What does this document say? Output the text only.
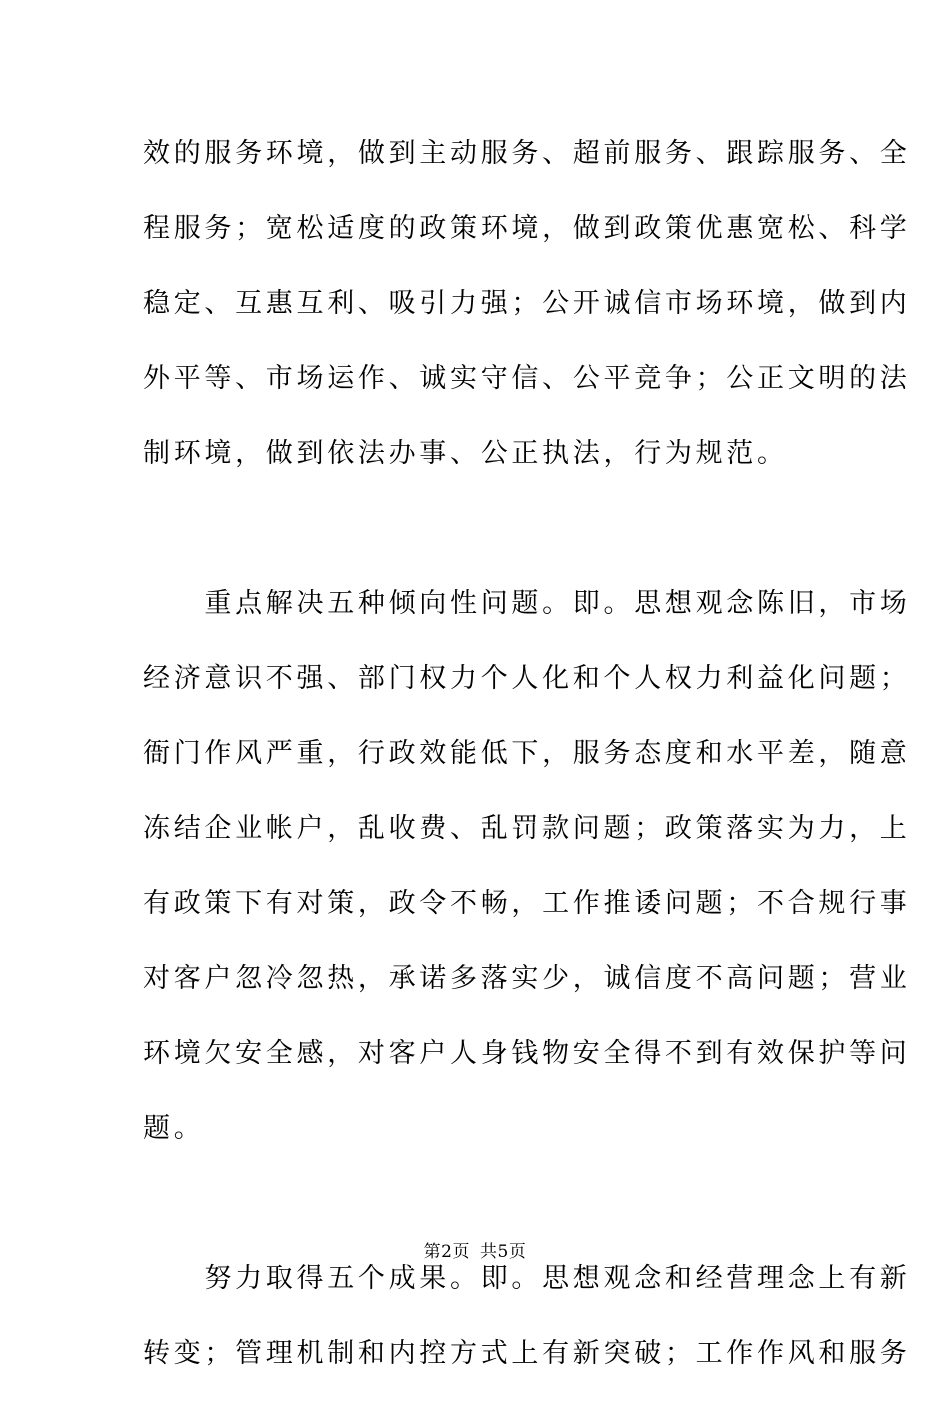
效的服务环境，做到主动服务、超前服务、跟踪服务、全
程服务；宽松适度的政策环境，做到政策优惠宽松、科学
稳定、互惠互利、吸引力强；公开诚信市场环境，做到内
外平等、市场运作、诚实守信、公平竞争；公正文明的法
制环境，做到依法办事、公正执法，行为规范。
　　重点解决五种倾向性问题。即。思想观念陈旧，市场
经济意识不强、部门权力个人化和个人权力利益化问题；
衙门作风严重，行政效能低下，服务态度和水平差，随意
冻结企业帐户，乱收费、乱罚款问题；政策落实为力，上
有政策下有对策，政令不畅，工作推诿问题；不合规行事
对客户忽冷忽热，承诺多落实少，诚信度不高问题；营业
环境欠安全感，对客户人身钱物安全得不到有效保护等问
题。
　　努力取得五个成果。即。思想观念和经营理念上有新
转变；管理机制和内控方式上有新突破；工作作风和服务
第2页 共5页
